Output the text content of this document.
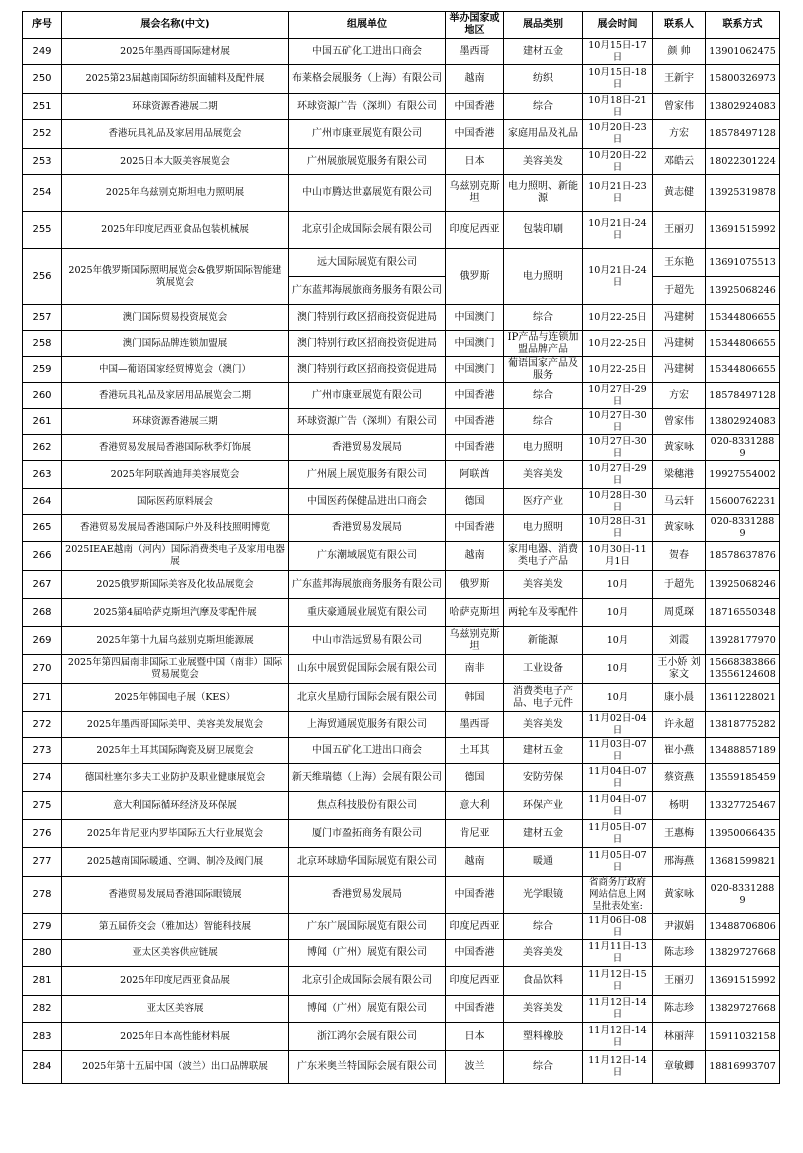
序号	展会名称(中文)	组展单位	举办国家或地区	展品类别	展会时间	联系人	联系方式
249	2025年墨西哥国际建材展	中国五矿化工进出口商会	墨西哥	建材五金	10月15日-17日	颜 帅	13901062475
250	2025第23届越南国际纺织面辅料及配件展	布莱格会展服务（上海）有限公司	越南	纺织	10月15日-18日	王新宇	15800326973
251	环球资源香港展二期	环球资源广告（深圳）有限公司	中国香港	综合	10月18日-21日	曾家伟	13802924083
252	香港玩具礼品及家居用品展览会	广州市康亚展览有限公司	中国香港	家庭用品及礼品	10月20日-23日	方宏	18578497128
253	2025日本大阪美容展览会	广州展旅展览服务有限公司	日本	美容美发	10月20日-22日	邓皓云	18022301224
254	2025年乌兹别克斯坦电力照明展	中山市腾达世嘉展览有限公司	乌兹别克斯坦	电力照明、新能源	10月21日-23日	黄志健	13925319878
255	2025年印度尼西亚食品包装机械展	北京引企成国际会展有限公司	印度尼西亚	包装印刷	10月21日-24日	王丽刃	13691515992
256	2025年俄罗斯国际照明展览会&俄罗斯国际智能建筑展览会	远大国际展览有限公司	俄罗斯	电力照明	10月21日-24日	王东艳	13691075513
		广东蓝邦海展旅商务服务有限公司				于超先	13925068246
257	澳门国际贸易投资展览会	澳门特别行政区招商投资促进局	中国澳门	综合	10月22-25日	冯建树	15344806655
258	澳门国际品牌连锁加盟展	澳门特别行政区招商投资促进局	中国澳门	IP产品与连锁加盟品牌产品	10月22-25日	冯建树	15344806655
259	中国—葡语国家经贸博览会（澳门）	澳门特别行政区招商投资促进局	中国澳门	葡语国家产品及服务	10月22-25日	冯建树	15344806655
260	香港玩具礼品及家居用品展览会二期	广州市康亚展览有限公司	中国香港	综合	10月27日-29日	方宏	18578497128
261	环球资源香港展三期	环球资源广告（深圳）有限公司	中国香港	综合	10月27日-30日	曾家伟	13802924083
262	香港贸易发展局香港国际秋季灯饰展	香港贸易发展局	中国香港	电力照明	10月27日-30日	黄家咏	020-83312889
263	2025年阿联酋迪拜美容展览会	广州展上展览服务有限公司	阿联酋	美容美发	10月27日-29日	梁穗港	19927554002
264	国际医药原料展会	中国医药保健品进出口商会	德国	医疗产业	10月28日-30日	马云轩	15600762231
265	香港贸易发展局香港国际户外及科技照明博览	香港贸易发展局	中国香港	电力照明	10月28日-31日	黄家咏	020-83312889
266	2025IEAE越南（河内）国际消费类电子及家用电器展	广东潮域展览有限公司	越南	家用电器、消费类电子产品	10月30日-11月1日	贺春	18578637876
267	2025俄罗斯国际美容及化妆品展览会	广东蓝邦海展旅商务服务有限公司	俄罗斯	美容美发	10月	于超先	13925068246
268	2025第4届哈萨克斯坦汽摩及零配件展	重庆豪通展业展览有限公司	哈萨克斯坦	两轮车及零配件	10月	周觅琛	18716550348
269	2025年第十九届乌兹别克斯坦能源展	中山市浩远贸易有限公司	乌兹别克斯坦	新能源	10月	刘霞	13928177970
270	2025年第四届南非国际工业展暨中国（南非）国际贸易展览会	山东中展贸促国际会展有限公司	南非	工业设备	10月	王小娇 刘家文	15668383866 13556124608
271	2025年韩国电子展（KES）	北京火星励行国际会展有限公司	韩国	消费类电子产品、电子元件	10月	康小晨	13611228021
272	2025年墨西哥国际美甲、美容美发展览会	上海贸通展览服务有限公司	墨西哥	美容美发	11月02日-04日	许永超	13818775282
273	2025年土耳其国际陶瓷及厨卫展览会	中国五矿化工进出口商会	土耳其	建材五金	11月03日-07日	崔小燕	13488857189
274	德国杜塞尔多夫工业防护及职业健康展览会	新天维瑞德（上海）会展有限公司	德国	安防劳保	11月04日-07日	蔡资燕	13559185459
275	意大利国际循环经济及环保展	焦点科技股份有限公司	意大利	环保产业	11月04日-07日	杨明	13327725467
276	2025年肯尼亚内罗毕国际五大行业展览会	厦门市盈拓商务有限公司	肯尼亚	建材五金	11月05日-07日	王惠梅	13950066435
277	2025越南国际暖通、空调、制冷及阀门展	北京环球励华国际展览有限公司	越南	暖通	11月05日-07日	邢海燕	13681599821
278	香港贸易发展局香港国际眼镜展	香港贸易发展局	中国香港	光学眼镜	省商务厅政府网站信息上网呈批表处室:	黄家咏	020-83312889
279	第五届侨交会（雅加达）智能科技展	广东广展国际展览有限公司	印度尼西亚	综合	11月06日-08日	尹淑娟	13488706806
280	亚太区美容供应链展	博闻（广州）展览有限公司	中国香港	美容美发	11月11日-13日	陈志珍	13829727668
281	2025年印度尼西亚食品展	北京引企成国际会展有限公司	印度尼西亚	食品饮料	11月12日-15日	王丽刃	13691515992
282	亚太区美容展	博闻（广州）展览有限公司	中国香港	美容美发	11月12日-14日	陈志珍	13829727668
283	2025年日本高性能材料展	浙江鸿尔会展有限公司	日本	塑料橡胶	11月12日-14日	林丽萍	15911032158
284	2025年第十五届中国（波兰）出口品牌联展	广东米奥兰特国际会展有限公司	波兰	综合	11月12日-14日	章敏卿	18816993707
